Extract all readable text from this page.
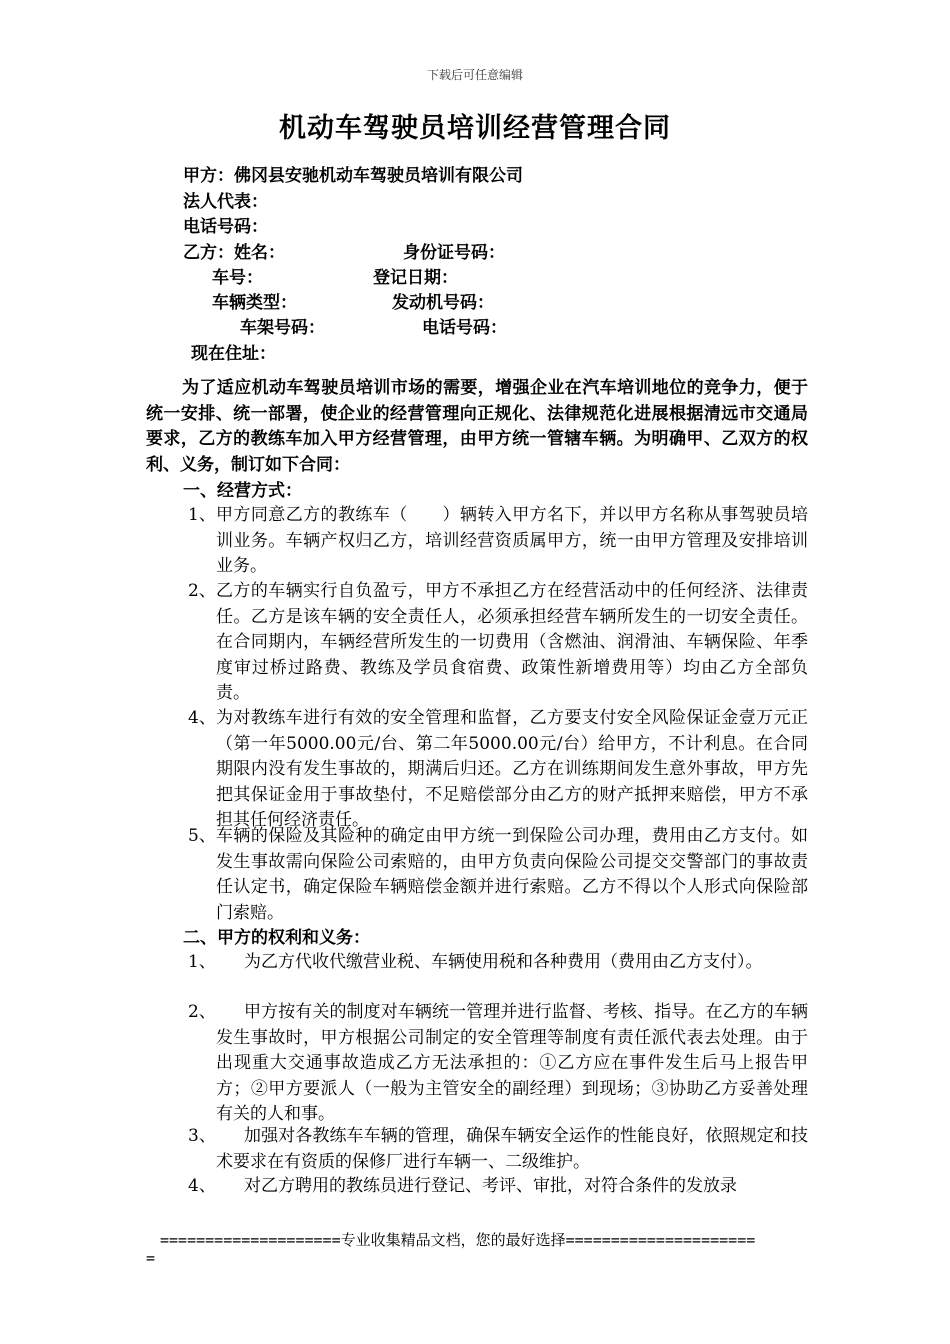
下载后可任意编辑
机动车驾驶员培训经营管理合同
甲方：佛冈县安驰机动车驾驶员培训有限公司
法人代表：
电话号码：
乙方：姓名：	身份证号码：
车号：	登记日期：
车辆类型：	发动机号码：
车架号码：	电话号码：
现在住址：
为了适应机动车驾驶员培训市场的需要，增强企业在汽车培训地位的竞争力，便于统一安排、统一部署，使企业的经营管理向正规化、法律规范化进展根据清远市交通局要求，乙方的教练车加入甲方经营管理，由甲方统一管辖车辆。为明确甲、乙双方的权利、义务，制订如下合同：
一、经营方式：
1、 甲方同意乙方的教练车（　　）辆转入甲方名下，并以甲方名称从事驾驶员培训业务。车辆产权归乙方，培训经营资质属甲方，统一由甲方管理及安排培训业务。
2、 乙方的车辆实行自负盈亏，甲方不承担乙方在经营活动中的任何经济、法律责任。乙方是该车辆的安全责任人，必须承担经营车辆所发生的一切安全责任。在合同期内，车辆经营所发生的一切费用（含燃油、润滑油、车辆保险、年季度审过桥过路费、教练及学员食宿费、政策性新增费用等）均由乙方全部负责。
4、 为对教练车进行有效的安全管理和监督，乙方要支付安全风险保证金壹万元正（第一年5000.00元/台、第二年5000.00元/台）给甲方，不计利息。在合同期限内没有发生事故的，期满后归还。乙方在训练期间发生意外事故，甲方先把其保证金用于事故垫付，不足赔偿部分由乙方的财产抵押来赔偿，甲方不承担其任何经济责任。
5、 车辆的保险及其险种的确定由甲方统一到保险公司办理，费用由乙方支付。如发生事故需向保险公司索赔的，由甲方负责向保险公司提交交警部门的事故责任认定书，确定保险车辆赔偿金额并进行索赔。乙方不得以个人形式向保险部门索赔。
二、甲方的权利和义务：
1、	为乙方代收代缴营业税、车辆使用税和各种费用（费用由乙方支付）。
2、	甲方按有关的制度对车辆统一管理并进行监督、考核、指导。在乙方的车辆发生事故时，甲方根据公司制定的安全管理等制度有责任派代表去处理。由于出现重大交通事故造成乙方无法承担的：①乙方应在事件发生后马上报告甲方；②甲方要派人（一般为主管安全的副经理）到现场；③协助乙方妥善处理有关的人和事。
3、	加强对各教练车车辆的管理，确保车辆安全运作的性能良好，依照规定和技术要求在有资质的保修厂进行车辆一、二级维护。
4、	对乙方聘用的教练员进行登记、考评、审批，对符合条件的发放录
====================专业收集精品文档，您的最好选择=====================
=
